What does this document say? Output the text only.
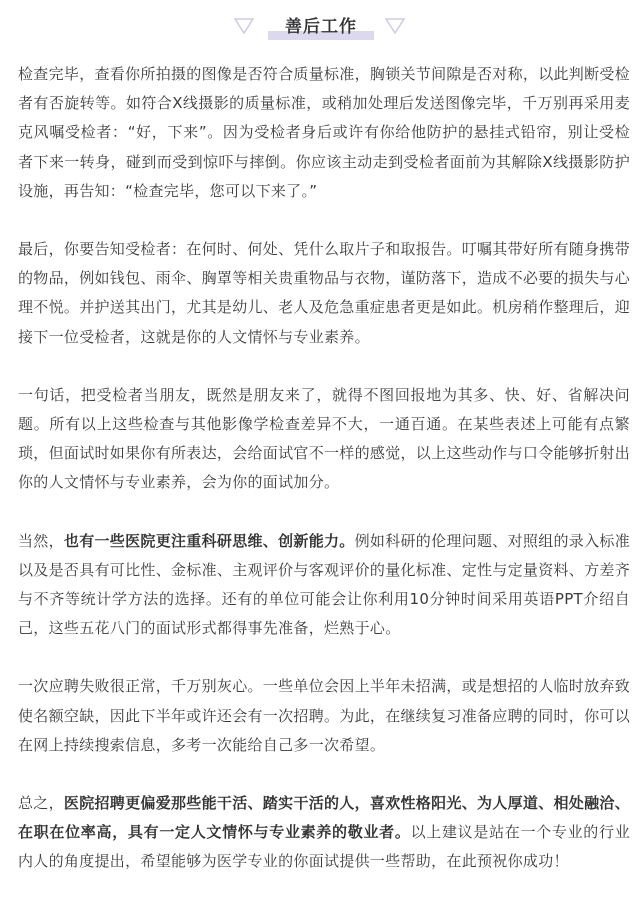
善后工作

检查完毕，查看你所拍摄的图像是否符合质量标准，胸锁关节间隙是否对称，以此判断受检者有否旋转等。如符合X线摄影的质量标准，或稍加处理后发送图像完毕，千万别再采用麦克风嘱受检者：“好，下来”。因为受检者身后或许有你给他防护的悬挂式铅帘，别让受检者下来一转身，碰到而受到惊吓与摔倒。你应该主动走到受检者面前为其解除X线摄影防护设施，再告知：“检查完毕，您可以下来了。”

最后，你要告知受检者：在何时、何处、凭什么取片子和取报告。叮嘱其带好所有随身携带的物品，例如钱包、雨伞、胸罩等相关贵重物品与衣物，谨防落下，造成不必要的损失与心理不悦。并护送其出门，尤其是幼儿、老人及危急重症患者更是如此。机房稍作整理后，迎接下一位受检者，这就是你的人文情怀与专业素养。

一句话，把受检者当朋友，既然是朋友来了，就得不图回报地为其多、快、好、省解决问题。所有以上这些检查与其他影像学检查差异不大，一通百通。在某些表述上可能有点繁琐，但面试时如果你有所表达，会给面试官不一样的感觉，以上这些动作与口令能够折射出你的人文情怀与专业素养，会为你的面试加分。

当然，也有一些医院更注重科研思维、创新能力。例如科研的伦理问题、对照组的录入标准以及是否具有可比性、金标准、主观评价与客观评价的量化标准、定性与定量资料、方差齐与不齐等统计学方法的选择。还有的单位可能会让你利用10分钟时间采用英语PPT介绍自己，这些五花八门的面试形式都得事先准备，烂熟于心。

一次应聘失败很正常，千万别灰心。一些单位会因上半年未招满，或是想招的人临时放弃致使名额空缺，因此下半年或许还会有一次招聘。为此，在继续复习准备应聘的同时，你可以在网上持续搜索信息，多考一次能给自己多一次希望。

总之，医院招聘更偏爱那些能干活、踏实干活的人，喜欢性格阳光、为人厚道、相处融洽、在职在位率高，具有一定人文情怀与专业素养的敬业者。以上建议是站在一个专业的行业内人的角度提出，希望能够为医学专业的你面试提供一些帮助，在此预祝你成功！
